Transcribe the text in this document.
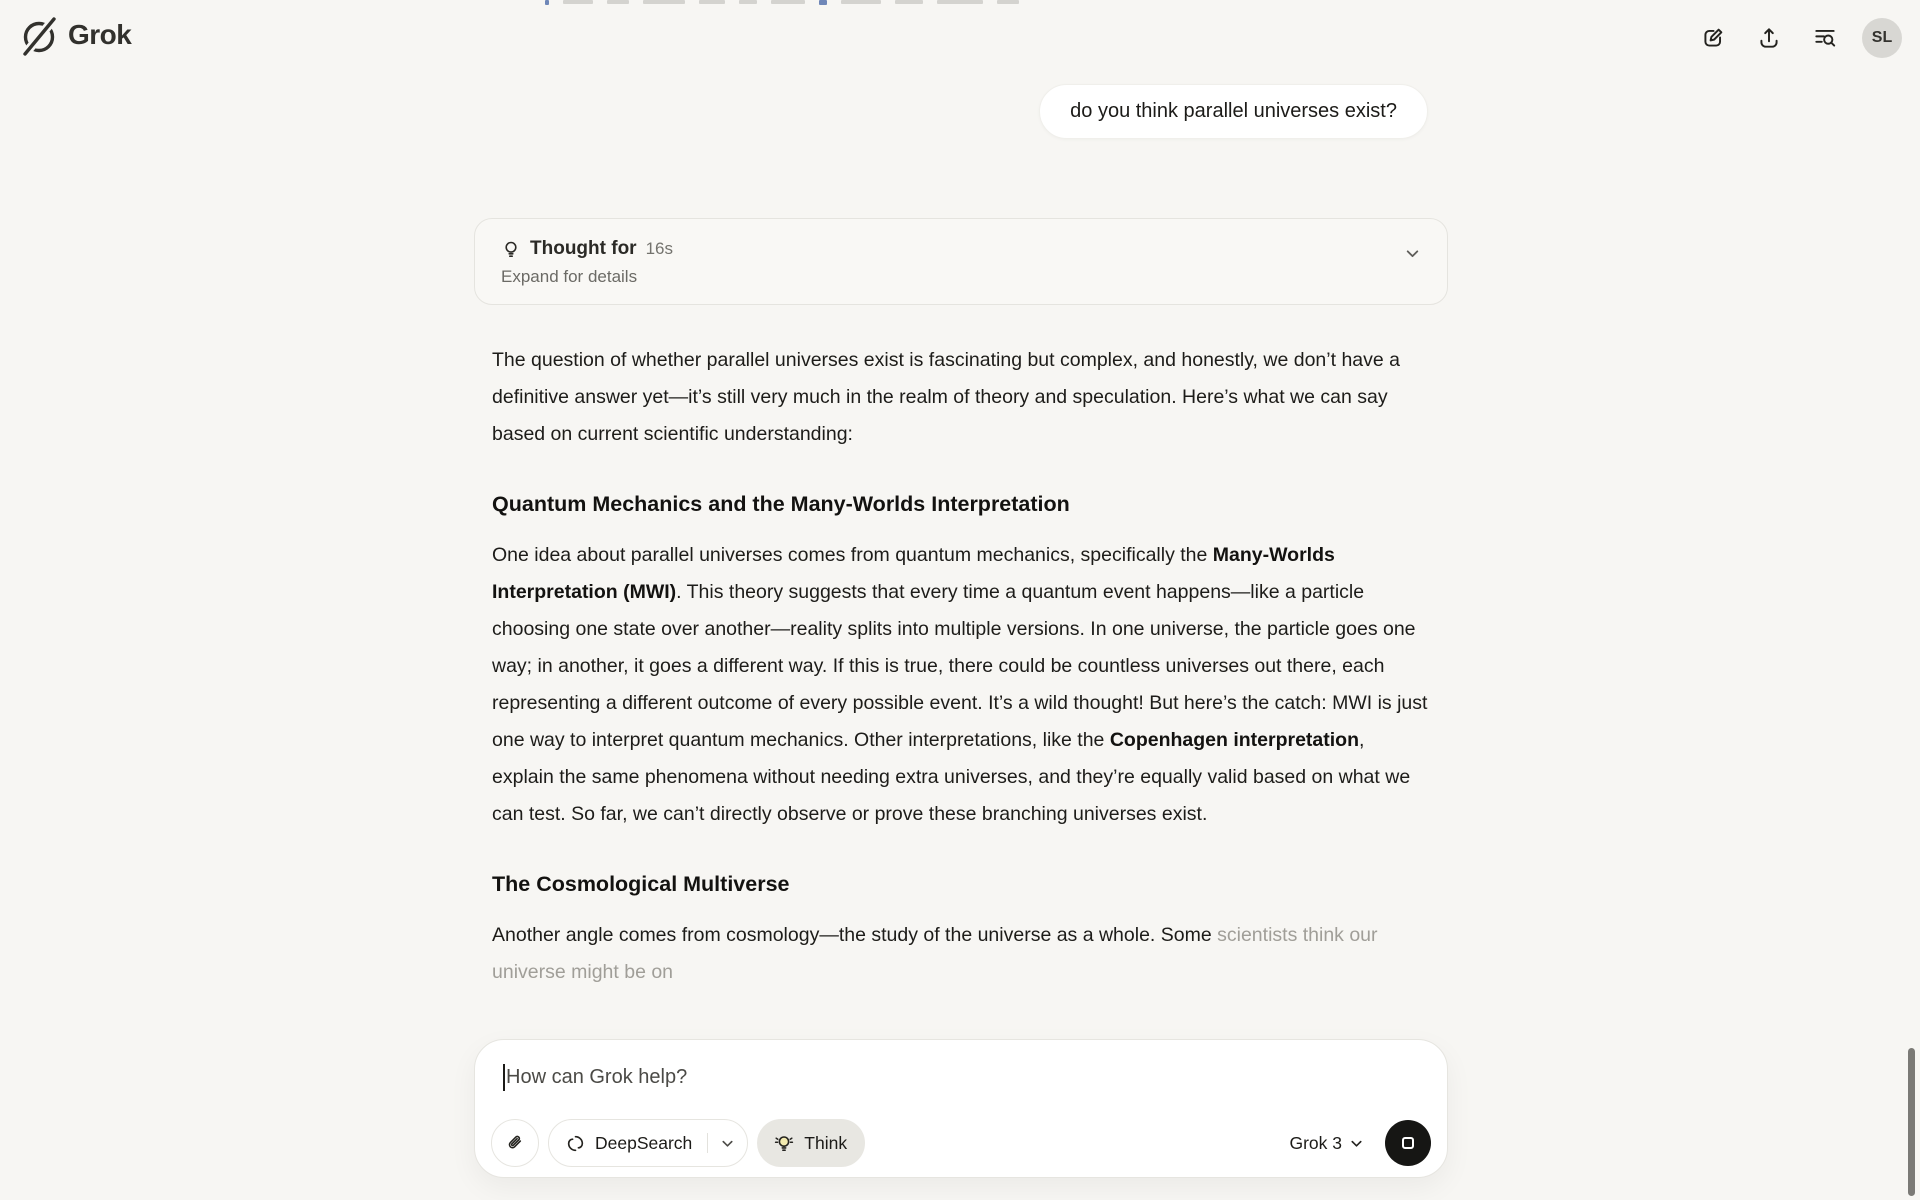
Grok	SL
do you think parallel universes exist?
Thought for 16s
Expand for details

The question of whether parallel universes exist is fascinating but complex, and honestly, we don’t have a definitive answer yet—it’s still very much in the realm of theory and speculation. Here’s what we can say based on current scientific understanding:

Quantum Mechanics and the Many-Worlds Interpretation

One idea about parallel universes comes from quantum mechanics, specifically the Many-Worlds Interpretation (MWI). This theory suggests that every time a quantum event happens—like a particle choosing one state over another—reality splits into multiple versions. In one universe, the particle goes one way; in another, it goes a different way. If this is true, there could be countless universes out there, each representing a different outcome of every possible event. It’s a wild thought! But here’s the catch: MWI is just one way to interpret quantum mechanics. Other interpretations, like the Copenhagen interpretation, explain the same phenomena without needing extra universes, and they’re equally valid based on what we can test. So far, we can’t directly observe or prove these branching universes exist.

The Cosmological Multiverse

Another angle comes from cosmology—the study of the universe as a whole. Some scientists think our universe might be on

How can Grok help?
DeepSearch	Think	Grok 3
